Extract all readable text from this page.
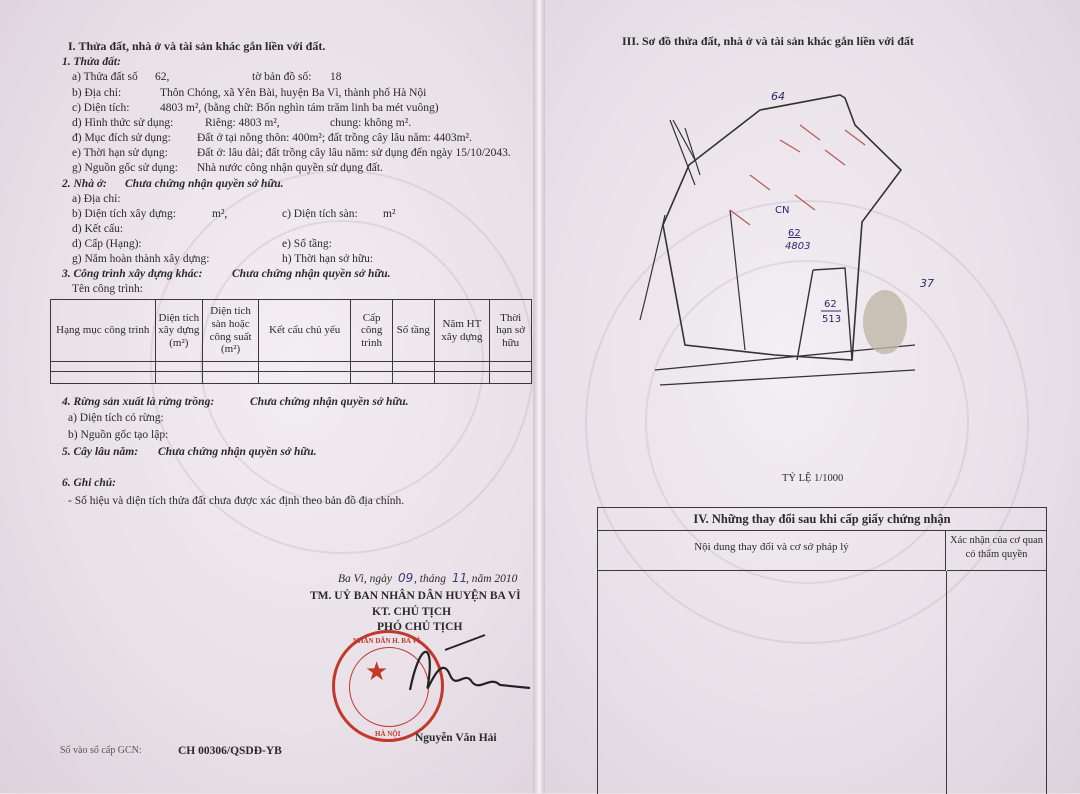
I. Thửa đất, nhà ở và tài sản khác gắn liền với đất.
1. Thửa đất:
a) Thửa đất số 62,	tờ bản đồ số: 18
b) Địa chỉ:	Thôn Chóng, xã Yên Bài, huyện Ba Vì, thành phố Hà Nội
c) Diện tích:	4803 m², (bằng chữ: Bốn nghìn tám trăm linh ba mét vuông)
d) Hình thức sử dụng:	Riêng: 4803 m²,	chung: không m².
đ) Mục đích sử dụng: Đất ở tại nông thôn: 400m²; đất trồng cây lâu năm: 4403m².
e) Thời hạn sử dụng:	Đất ở: lâu dài; đất trồng cây lâu năm: sử dụng đến ngày 15/10/2043.
g) Nguồn gốc sử dụng: Nhà nước công nhận quyền sử dụng đất.
2. Nhà ở: Chưa chứng nhận quyền sở hữu.
a) Địa chỉ:
b) Diện tích xây dựng:	m²,	c) Diện tích sàn: m²
d) Kết cấu:
d) Cấp (Hạng):	e) Số tầng:
g) Năm hoàn thành xây dựng:	h) Thời hạn sở hữu:
3. Công trình xây dựng khác:	Chưa chứng nhận quyền sở hữu.
Tên công trình:
Hạng mục công trình	Diện tích xây dựng (m²)	Diện tích sàn hoặc công suất (m²)	Kết cấu chủ yếu	Cấp công trình	Số tầng	Năm HT xây dựng	Thời hạn sở hữu

4. Rừng sản xuất là rừng trồng:	Chưa chứng nhận quyền sở hữu.
a) Diện tích có rừng:
b) Nguồn gốc tạo lập:
5. Cây lâu năm: Chưa chứng nhận quyền sở hữu.
6. Ghi chú:
- Số hiệu và diện tích thửa đất chưa được xác định theo bản đồ địa chính.
Ba Vì, ngày 09 , tháng 11
, năm 2010
TM. UỶ BAN NHÂN DÂN HUYỆN BA VÌ
KT. CHỦ TỊCH
PHÓ CHỦ TỊCH
★
NHÂN DÂN H. BA VÌ
HÀ NỘI Nguyễn Văn Hải
Số vào sổ cấp GCN:	CH 00306/QSDĐ-YB
III. Sơ đồ thửa đất, nhà ở và tài sản khác gắn liền với đất
64
CN
62
4803
62
513
37
TỶ LỆ 1/1000
IV. Những thay đổi sau khi cấp giấy chứng nhận
Nội dung thay đổi và cơ sở pháp lý
Xác nhận của cơ quan có thẩm quyền
